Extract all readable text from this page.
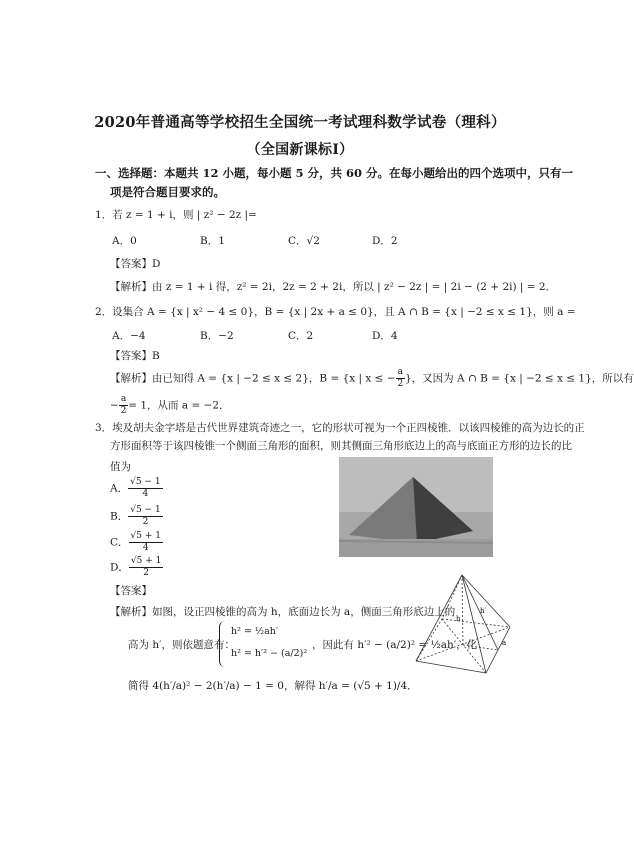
2020年普通高等学校招生全国统一考试理科数学试卷（理科）
（全国新课标Ⅰ）
一、选择题：本题共 12 小题，每小题 5 分，共 60 分。在每小题给出的四个选项中，只有一
项是符合题目要求的。
1．若 z = 1 + i，则 | z² − 2z |=
A．0	B．1	C．√2	D．2
【答案】D
【解析】由 z = 1 + i 得，z² = 2i，2z = 2 + 2i，所以 | z² − 2z | = | 2i − (2 + 2i) | = 2．
2．设集合 A = {x | x² − 4 ≤ 0}，B = {x | 2x + a ≤ 0}，且 A ∩ B = {x | −2 ≤ x ≤ 1}，则 a =
A．−4	B．−2	C．2	D．4
【答案】B
【解析】由已知得 A = {x | −2 ≤ x ≤ 2}，B = {x | x ≤ − $\frac{a}{2}$ }，又因为 A ∩ B = {x | −2 ≤ x ≤ 1}，所以有
− $\frac{a}{2} = 1$，从而 a = −2．
3．埃及胡夫金字塔是古代世界建筑奇迹之一，它的形状可视为一个正四棱锥．以该四棱锥的高为边长的正
方形面积等于该四棱锥一个侧面三角形的面积，则其侧面三角形底边上的高与底面正方形的边长的比
值为
A． $\frac{√5 - 1}{4}$
B． $\frac{√5 - 1}{2}$
C． $\frac{√5 + 1}{4}$
D． $\frac{√5 + 1}{2}$
【答案】
【解析】如图，设正四棱锥的高为 h，底面边长为 a，侧面三角形底边上的
高为 h′，则依题意有：
h² = ½ah′
h² = h′² − (a/2)²
，因此有 h′² − (a/2)² = ½ah′，化
简得 4(h′/a)² − 2(h′/a) − 1 = 0，解得 h′/a = (√5 + 1)/4．
h
h′
a
